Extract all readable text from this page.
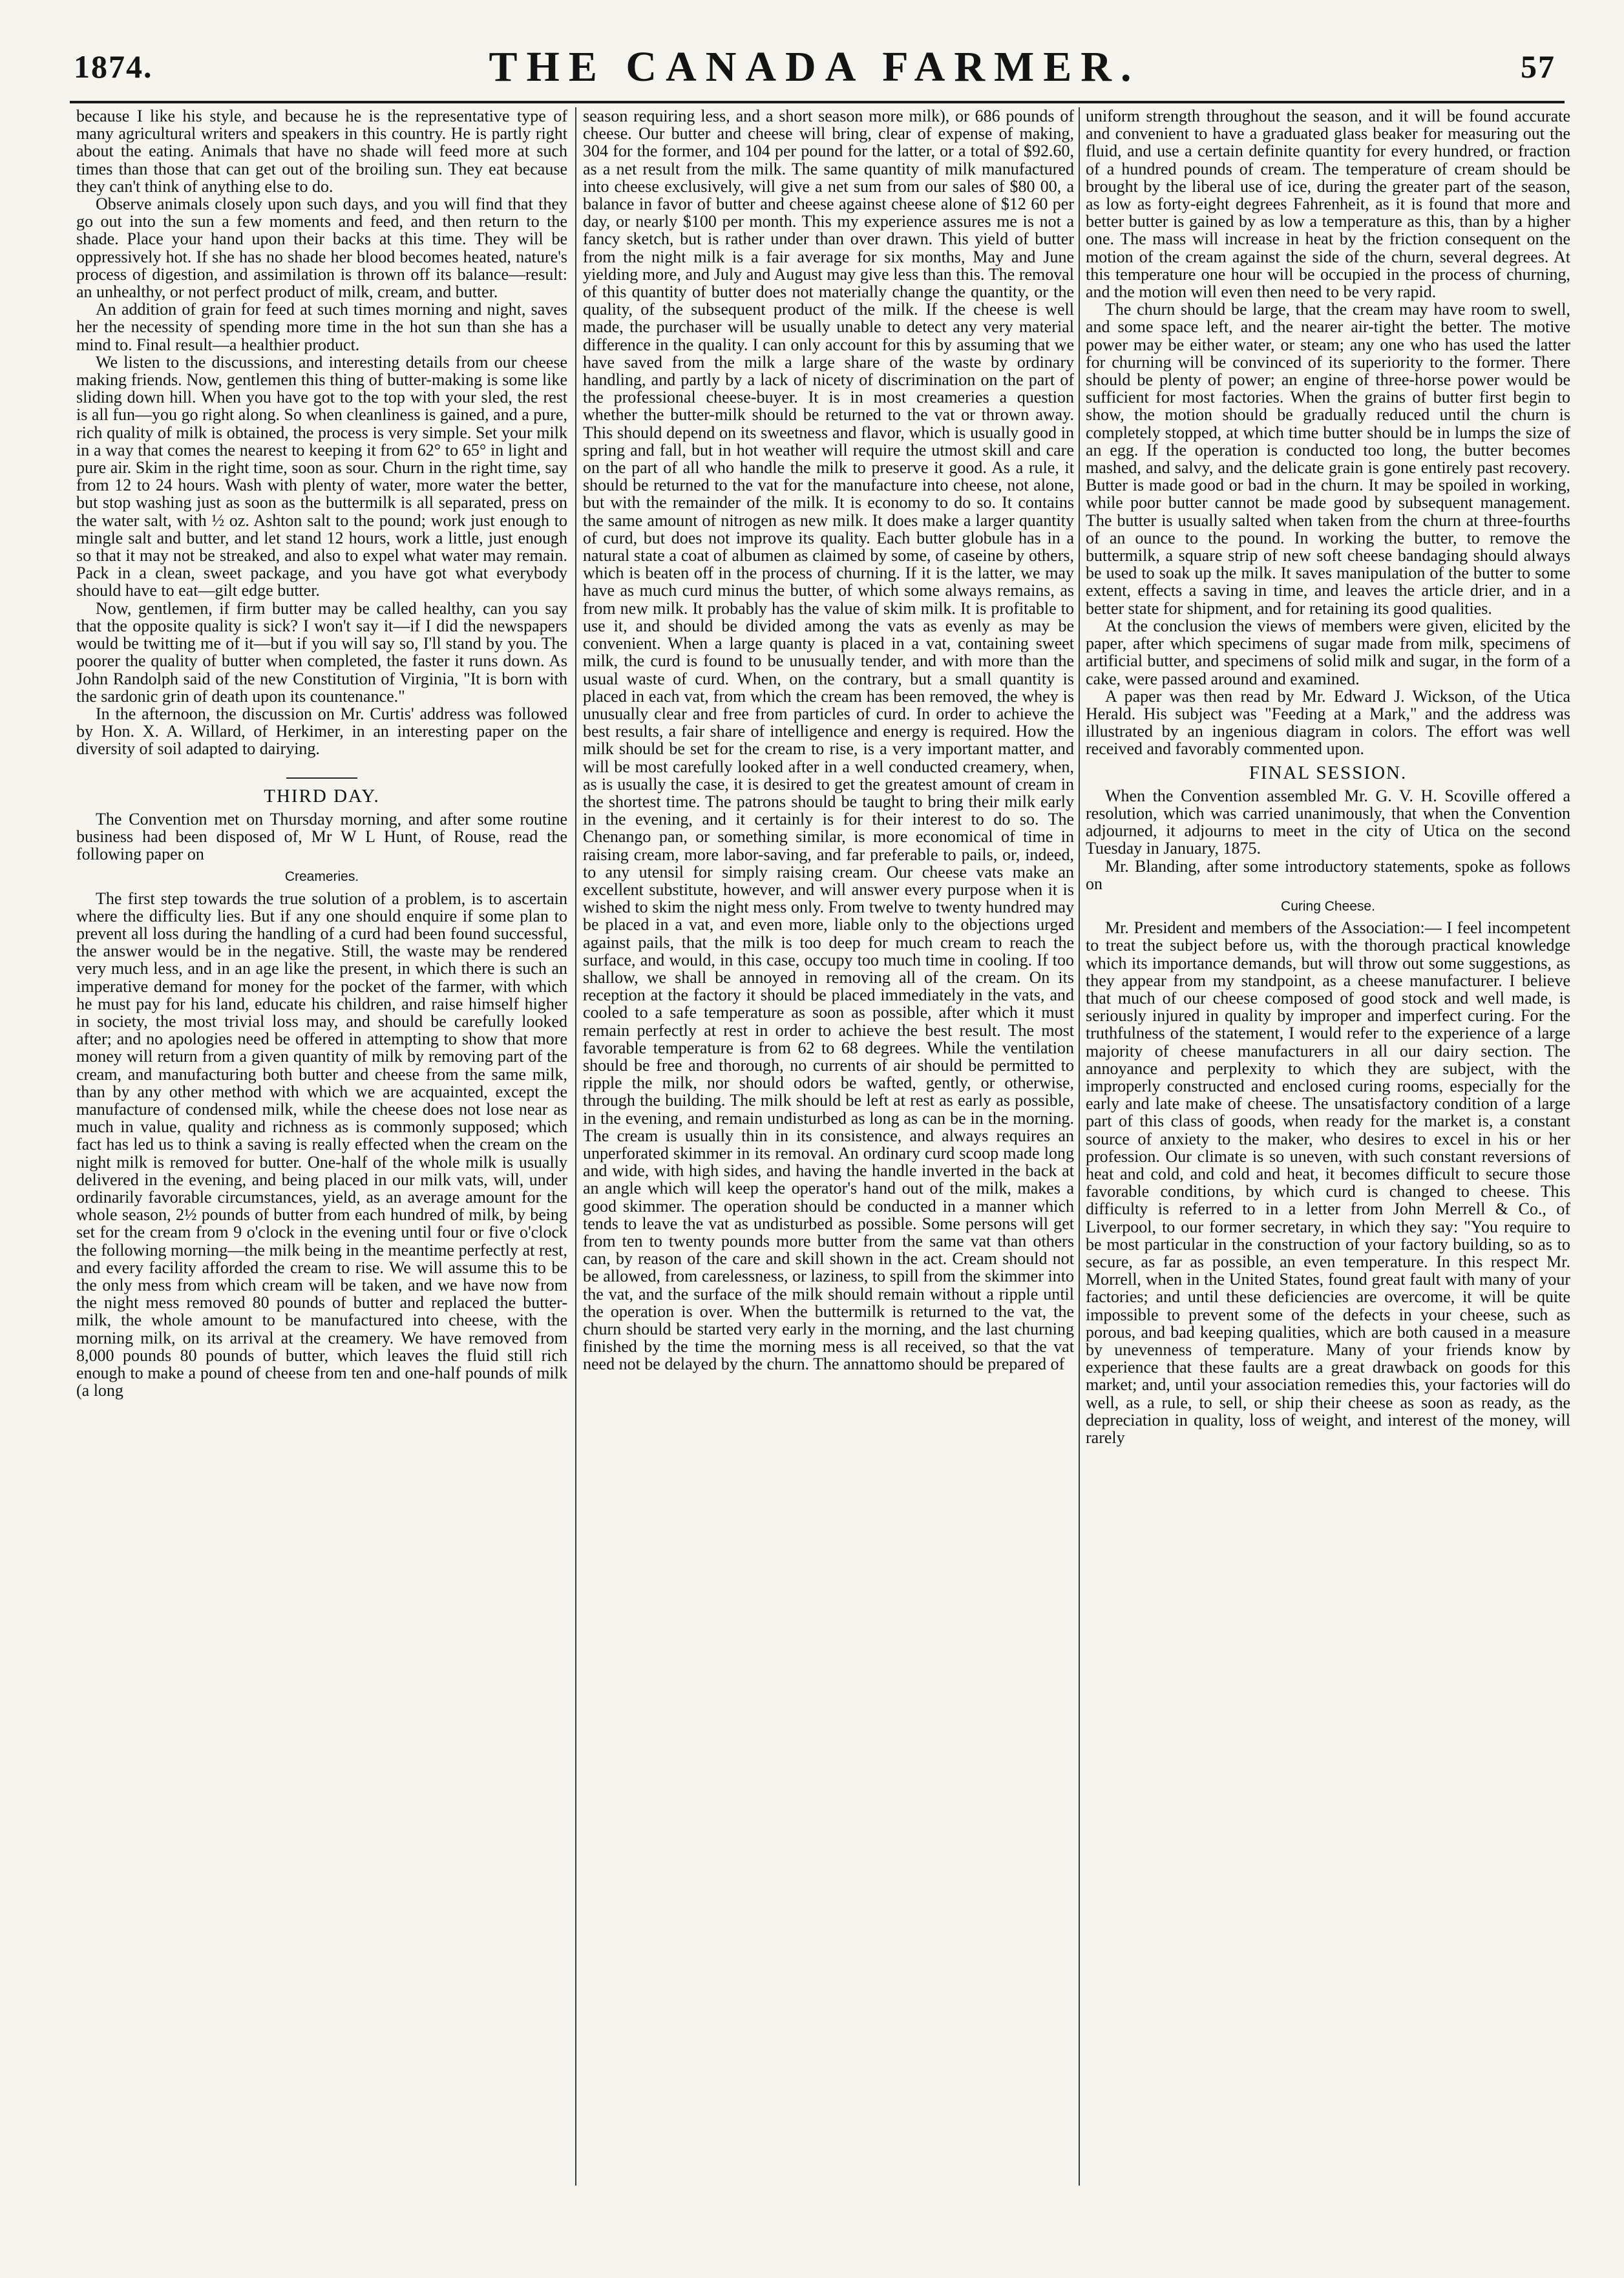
1874.	THE CANADA FARMER.	57

because I like his style, and because he is the representative type of many agricultural writers and speakers in this country. He is partly right about the eating. Animals that have no shade will feed more at such times than those that can get out of the broiling sun. They eat because they can't think of anything else to do.

Observe animals closely upon such days, and you will find that they go out into the sun a few moments and feed, and then return to the shade. Place your hand upon their backs at this time. They will be oppressively hot. If she has no shade her blood becomes heated, nature's process of digestion, and assimilation is thrown off its balance—result: an unhealthy, or not perfect product of milk, cream, and butter.

An addition of grain for feed at such times morning and night, saves her the necessity of spending more time in the hot sun than she has a mind to. Final result—a healthier product.

We listen to the discussions, and interesting details from our cheese making friends. Now, gentlemen this thing of butter-making is some like sliding down hill. When you have got to the top with your sled, the rest is all fun—you go right along. So when cleanliness is gained, and a pure, rich quality of milk is obtained, the process is very simple. Set your milk in a way that comes the nearest to keeping it from 62° to 65° in light and pure air. Skim in the right time, soon as sour. Churn in the right time, say from 12 to 24 hours. Wash with plenty of water, more water the better, but stop washing just as soon as the buttermilk is all separated, press on the water salt, with ½ oz. Ashton salt to the pound; work just enough to mingle salt and butter, and let stand 12 hours, work a little, just enough so that it may not be streaked, and also to expel what water may remain. Pack in a clean, sweet package, and you have got what everybody should have to eat—gilt edge butter.

Now, gentlemen, if firm butter may be called healthy, can you say that the opposite quality is sick? I won't say it—if I did the newspapers would be twitting me of it—but if you will say so, I'll stand by you. The poorer the quality of butter when completed, the faster it runs down. As John Randolph said of the new Constitution of Virginia, "It is born with the sardonic grin of death upon its countenance."

In the afternoon, the discussion on Mr. Curtis' address was followed by Hon. X. A. Willard, of Herkimer, in an interesting paper on the diversity of soil adapted to dairying.

THIRD DAY.

The Convention met on Thursday morning, and after some routine business had been disposed of, Mr W L Hunt, of Rouse, read the following paper on

Creameries.

The first step towards the true solution of a problem, is to ascertain where the difficulty lies. But if any one should enquire if some plan to prevent all loss during the handling of a curd had been found successful, the answer would be in the negative. Still, the waste may be rendered very much less, and in an age like the present, in which there is such an imperative demand for money for the pocket of the farmer, with which he must pay for his land, educate his children, and raise himself higher in society, the most trivial loss may, and should be carefully looked after; and no apologies need be offered in attempting to show that more money will return from a given quantity of milk by removing part of the cream, and manufacturing both butter and cheese from the same milk, than by any other method with which we are acquainted, except the manufacture of condensed milk, while the cheese does not lose near as much in value, quality and richness as is commonly supposed; which fact has led us to think a saving is really effected when the cream on the night milk is removed for butter. One-half of the whole milk is usually delivered in the evening, and being placed in our milk vats, will, under ordinarily favorable circumstances, yield, as an average amount for the whole season, 2½ pounds of butter from each hundred of milk, by being set for the cream from 9 o'clock in the evening until four or five o'clock the following morning—the milk being in the meantime perfectly at rest, and every facility afforded the cream to rise. We will assume this to be the only mess from which cream will be taken, and we have now from the night mess removed 80 pounds of butter and replaced the butter-milk, the whole amount to be manufactured into cheese, with the morning milk, on its arrival at the creamery. We have removed from 8,000 pounds 80 pounds of butter, which leaves the fluid still rich enough to make a pound of cheese from ten and one-half pounds of milk (a long

season requiring less, and a short season more milk), or 686 pounds of cheese. Our butter and cheese will bring, clear of expense of making, 304 for the former, and 104 per pound for the latter, or a total of $92.60, as a net result from the milk. The same quantity of milk manufactured into cheese exclusively, will give a net sum from our sales of $80 00, a balance in favor of butter and cheese against cheese alone of $12 60 per day, or nearly $100 per month. This my experience assures me is not a fancy sketch, but is rather under than over drawn. This yield of butter from the night milk is a fair average for six months, May and June yielding more, and July and August may give less than this. The removal of this quantity of butter does not materially change the quantity, or the quality, of the subsequent product of the milk. If the cheese is well made, the purchaser will be usually unable to detect any very material difference in the quality. I can only account for this by assuming that we have saved from the milk a large share of the waste by ordinary handling, and partly by a lack of nicety of discrimination on the part of the professional cheese-buyer. It is in most creameries a question whether the butter-milk should be returned to the vat or thrown away. This should depend on its sweetness and flavor, which is usually good in spring and fall, but in hot weather will require the utmost skill and care on the part of all who handle the milk to preserve it good. As a rule, it should be returned to the vat for the manufacture into cheese, not alone, but with the remainder of the milk. It is economy to do so. It contains the same amount of nitrogen as new milk. It does make a larger quantity of curd, but does not improve its quality. Each butter globule has in a natural state a coat of albumen as claimed by some, of caseine by others, which is beaten off in the process of churning. If it is the latter, we may have as much curd minus the butter, of which some always remains, as from new milk. It probably has the value of skim milk. It is profitable to use it, and should be divided among the vats as evenly as may be convenient. When a large quanty is placed in a vat, containing sweet milk, the curd is found to be unusually tender, and with more than the usual waste of curd. When, on the contrary, but a small quantity is placed in each vat, from which the cream has been removed, the whey is unusually clear and free from particles of curd. In order to achieve the best results, a fair share of intelligence and energy is required. How the milk should be set for the cream to rise, is a very important matter, and will be most carefully looked after in a well conducted creamery, when, as is usually the case, it is desired to get the greatest amount of cream in the shortest time. The patrons should be taught to bring their milk early in the evening, and it certainly is for their interest to do so. The Chenango pan, or something similar, is more economical of time in raising cream, more labor-saving, and far preferable to pails, or, indeed, to any utensil for simply raising cream. Our cheese vats make an excellent substitute, however, and will answer every purpose when it is wished to skim the night mess only. From twelve to twenty hundred may be placed in a vat, and even more, liable only to the objections urged against pails, that the milk is too deep for much cream to reach the surface, and would, in this case, occupy too much time in cooling. If too shallow, we shall be annoyed in removing all of the cream. On its reception at the factory it should be placed immediately in the vats, and cooled to a safe temperature as soon as possible, after which it must remain perfectly at rest in order to achieve the best result. The most favorable temperature is from 62 to 68 degrees. While the ventilation should be free and thorough, no currents of air should be permitted to ripple the milk, nor should odors be wafted, gently, or otherwise, through the building. The milk should be left at rest as early as possible, in the evening, and remain undisturbed as long as can be in the morning. The cream is usually thin in its consistence, and always requires an unperforated skimmer in its removal. An ordinary curd scoop made long and wide, with high sides, and having the handle inverted in the back at an angle which will keep the operator's hand out of the milk, makes a good skimmer. The operation should be conducted in a manner which tends to leave the vat as undisturbed as possible. Some persons will get from ten to twenty pounds more butter from the same vat than others can, by reason of the care and skill shown in the act. Cream should not be allowed, from carelessness, or laziness, to spill from the skimmer into the vat, and the surface of the milk should remain without a ripple until the operation is over. When the buttermilk is returned to the vat, the churn should be started very early in the morning, and the last churning finished by the time the morning mess is all received, so that the vat need not be delayed by the churn. The annattomo should be prepared of

uniform strength throughout the season, and it will be found accurate and convenient to have a graduated glass beaker for measuring out the fluid, and use a certain definite quantity for every hundred, or fraction of a hundred pounds of cream. The temperature of cream should be brought by the liberal use of ice, during the greater part of the season, as low as forty-eight degrees Fahrenheit, as it is found that more and better butter is gained by as low a temperature as this, than by a higher one. The mass will increase in heat by the friction consequent on the motion of the cream against the side of the churn, several degrees. At this temperature one hour will be occupied in the process of churning, and the motion will even then need to be very rapid.

The churn should be large, that the cream may have room to swell, and some space left, and the nearer air-tight the better. The motive power may be either water, or steam; any one who has used the latter for churning will be convinced of its superiority to the former. There should be plenty of power; an engine of three-horse power would be sufficient for most factories. When the grains of butter first begin to show, the motion should be gradually reduced until the churn is completely stopped, at which time butter should be in lumps the size of an egg. If the operation is conducted too long, the butter becomes mashed, and salvy, and the delicate grain is gone entirely past recovery. Butter is made good or bad in the churn. It may be spoiled in working, while poor butter cannot be made good by subsequent management. The butter is usually salted when taken from the churn at three-fourths of an ounce to the pound. In working the butter, to remove the buttermilk, a square strip of new soft cheese bandaging should always be used to soak up the milk. It saves manipulation of the butter to some extent, effects a saving in time, and leaves the article drier, and in a better state for shipment, and for retaining its good qualities.

At the conclusion the views of members were given, elicited by the paper, after which specimens of sugar made from milk, specimens of artificial butter, and specimens of solid milk and sugar, in the form of a cake, were passed around and examined.

A paper was then read by Mr. Edward J. Wickson, of the Utica Herald. His subject was "Feeding at a Mark," and the address was illustrated by an ingenious diagram in colors. The effort was well received and favorably commented upon.

FINAL SESSION.

When the Convention assembled Mr. G. V. H. Scoville offered a resolution, which was carried unanimously, that when the Convention adjourned, it adjourns to meet in the city of Utica on the second Tuesday in January, 1875.

Mr. Blanding, after some introductory statements, spoke as follows on

Curing Cheese.

Mr. President and members of the Association:— I feel incompetent to treat the subject before us, with the thorough practical knowledge which its importance demands, but will throw out some suggestions, as they appear from my standpoint, as a cheese manufacturer. I believe that much of our cheese composed of good stock and well made, is seriously injured in quality by improper and imperfect curing. For the truthfulness of the statement, I would refer to the experience of a large majority of cheese manufacturers in all our dairy section. The annoyance and perplexity to which they are subject, with the improperly constructed and enclosed curing rooms, especially for the early and late make of cheese. The unsatisfactory condition of a large part of this class of goods, when ready for the market is, a constant source of anxiety to the maker, who desires to excel in his or her profession. Our climate is so uneven, with such constant reversions of heat and cold, and cold and heat, it becomes difficult to secure those favorable conditions, by which curd is changed to cheese. This difficulty is referred to in a letter from John Merrell & Co., of Liverpool, to our former secretary, in which they say: "You require to be most particular in the construction of your factory building, so as to secure, as far as possible, an even temperature. In this respect Mr. Morrell, when in the United States, found great fault with many of your factories; and until these deficiencies are overcome, it will be quite impossible to prevent some of the defects in your cheese, such as porous, and bad keeping qualities, which are both caused in a measure by unevenness of temperature. Many of your friends know by experience that these faults are a great drawback on goods for this market; and, until your association remedies this, your factories will do well, as a rule, to sell, or ship their cheese as soon as ready, as the depreciation in quality, loss of weight, and interest of the money, will rarely
